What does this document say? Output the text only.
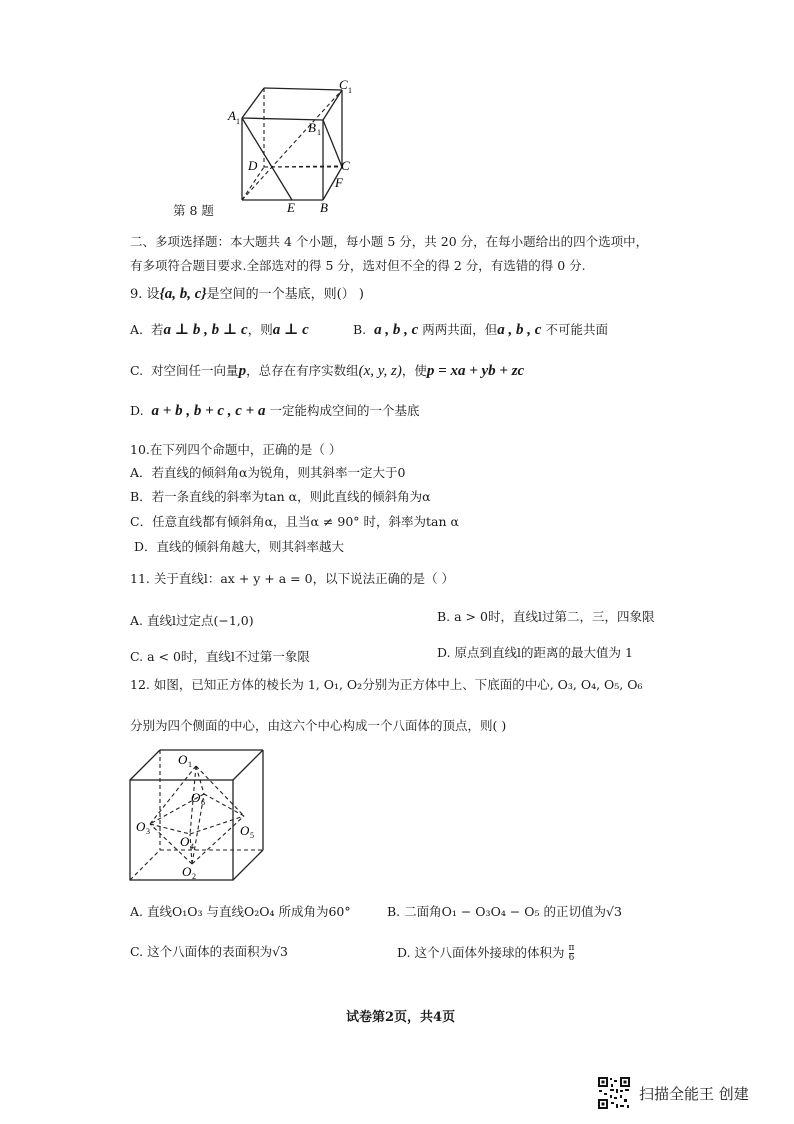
A 1
C 1
B 1
D	C
F
E B
第 8 题
二、多项选择题：本大题共 4 个小题，每小题 5 分，共 20 分，在每小题给出的四个选项中，
有多项符合题目要求.全部选对的得 5 分，选对但不全的得 2 分，有选错的得 0 分.
9. 设{a, b, c}是空间的一个基底，则(） )
A. 若a ⊥ b , b ⊥ c，则a ⊥ c	B. a , b , c 两两共面，但a , b , c 不可能共面
C. 对空间任一向量p，总存在有序实数组(x, y, z)，使p = xa + yb + zc
D. a + b , b + c , c + a 一定能构成空间的一个基底
10.在下列四个命题中，正确的是（ ）
A．若直线的倾斜角α为锐角，则其斜率一定大于0
B．若一条直线的斜率为tan α，则此直线的倾斜角为α
C．任意直线都有倾斜角α，且当α ≠ 90° 时，斜率为tan α
D．直线的倾斜角越大，则其斜率越大
11. 关于直线l：ax + y + a = 0，以下说法正确的是（ ）
A. 直线l过定点(−1,0)	B. a > 0时，直线l过第二，三，四象限
C. a < 0时，直线l不过第一象限	D. 原点到直线l的距离的最大值为 1
12. 如图，已知正方体的棱长为 1, O₁, O₂分别为正方体中上、下底面的中心, O₃, O₄, O₅, O₆
分别为四个侧面的中心，由这六个中心构成一个八面体的顶点，则( )
O 1
O 2
O 3
O 4
O 5
O 6
A. 直线O₁O₃ 与直线O₂O₄ 所成角为60°	B. 二面角O₁ − O₃O₄ − O₅ 的正切值为√3
C. 这个八面体的表面积为√3	D. 这个八面体外接球的体积为 $\frac{\pi}{6}$
试卷第2页，共4页
扫描全能王 创建
